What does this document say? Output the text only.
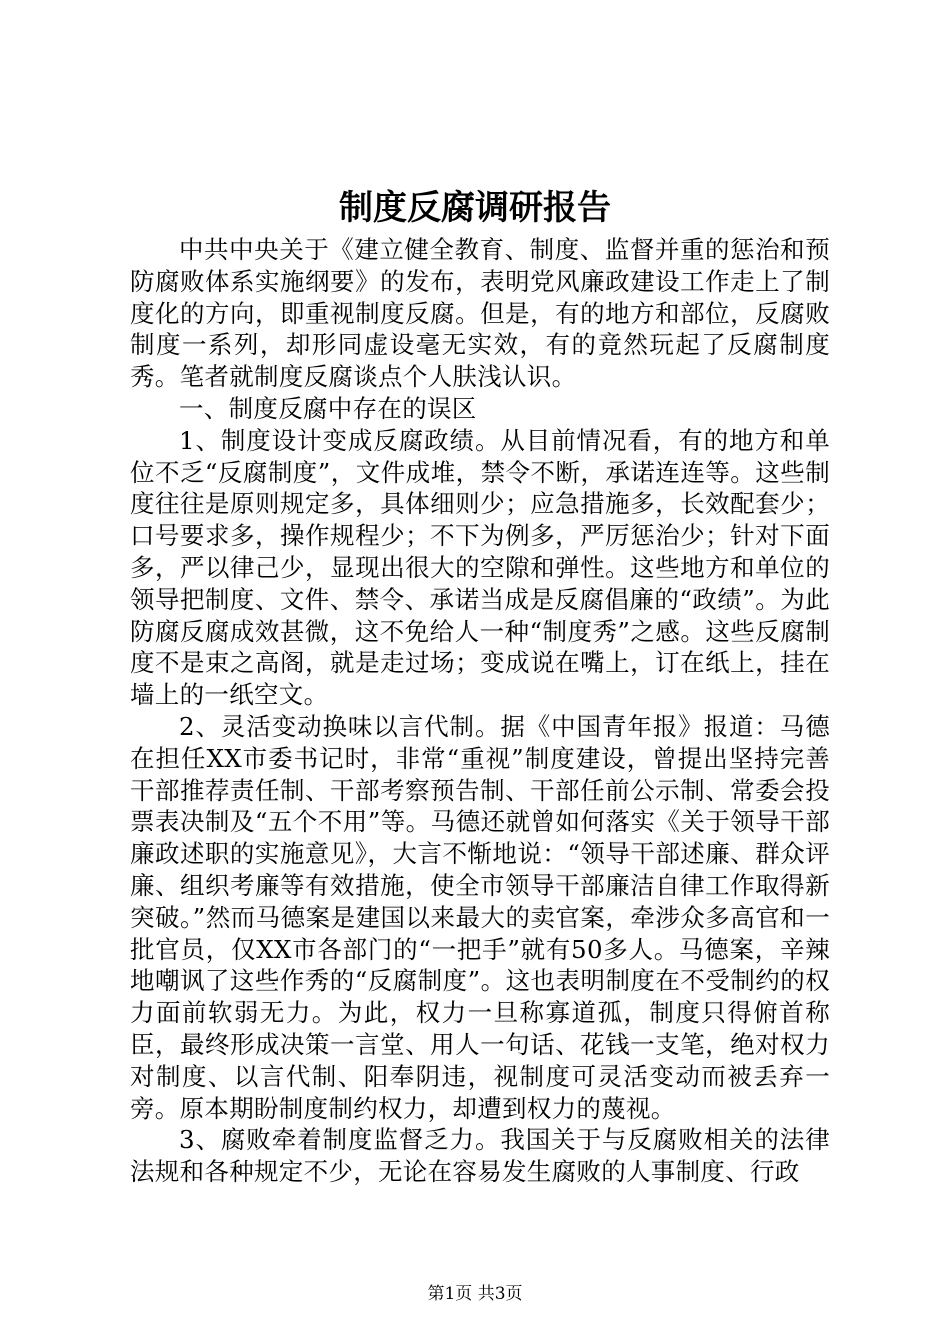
制度反腐调研报告

中共中央关于《建立健全教育、制度、监督并重的惩治和预防腐败体系实施纲要》的发布，表明党风廉政建设工作走上了制度化的方向，即重视制度反腐。但是，有的地方和部位，反腐败制度一系列，却形同虚设毫无实效，有的竟然玩起了反腐制度秀。笔者就制度反腐谈点个人肤浅认识。

一、制度反腐中存在的误区

1、制度设计变成反腐政绩。从目前情况看，有的地方和单位不乏“反腐制度”，文件成堆，禁令不断，承诺连连等。这些制度往往是原则规定多，具体细则少；应急措施多，长效配套少；口号要求多，操作规程少；不下为例多，严厉惩治少；针对下面多，严以律己少，显现出很大的空隙和弹性。这些地方和单位的领导把制度、文件、禁令、承诺当成是反腐倡廉的“政绩”。为此防腐反腐成效甚微，这不免给人一种“制度秀”之感。这些反腐制度不是束之高阁，就是走过场；变成说在嘴上，订在纸上，挂在墙上的一纸空文。

2、灵活变动换味以言代制。据《中国青年报》报道：马德在担任XX市委书记时，非常“重视”制度建设，曾提出坚持完善干部推荐责任制、干部考察预告制、干部任前公示制、常委会投票表决制及“五个不用”等。马德还就曾如何落实《关于领导干部廉政述职的实施意见》，大言不惭地说：“领导干部述廉、群众评廉、组织考廉等有效措施，使全市领导干部廉洁自律工作取得新突破。”然而马德案是建国以来最大的卖官案，牵涉众多高官和一批官员，仅XX市各部门的“一把手”就有50多人。马德案，辛辣地嘲讽了这些作秀的“反腐制度”。这也表明制度在不受制约的权力面前软弱无力。为此，权力一旦称寡道孤，制度只得俯首称臣，最终形成决策一言堂、用人一句话、花钱一支笔，绝对权力对制度、以言代制、阳奉阴违，视制度可灵活变动而被丢弃一旁。原本期盼制度制约权力，却遭到权力的蔑视。

3、腐败牵着制度监督乏力。我国关于与反腐败相关的法律法规和各种规定不少，无论在容易发生腐败的人事制度、行政

第1页 共3页
